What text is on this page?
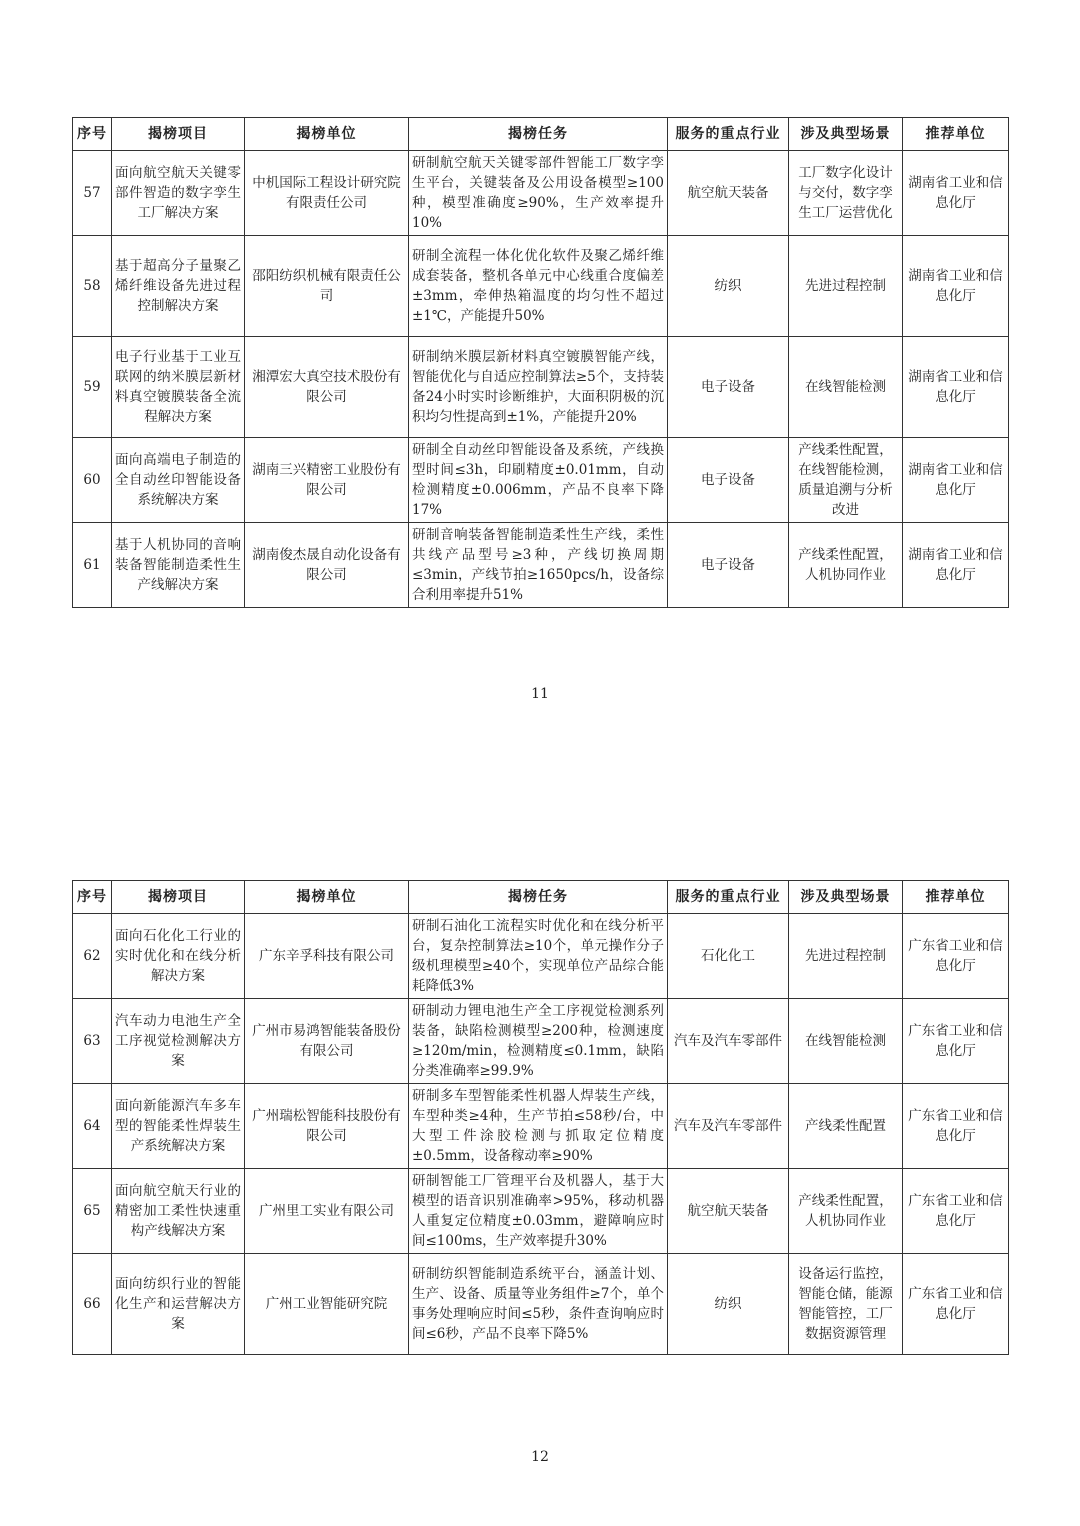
序号	揭榜项目	揭榜单位	揭榜任务	服务的重点行业	涉及典型场景	推荐单位
57	面向航空航天关键零部件智造的数字孪生工厂解决方案	中机国际工程设计研究院有限责任公司	研制航空航天关键零部件智能工厂数字孪生平台，关键装备及公用设备模型≥100种，模型准确度≥90%，生产效率提升10%	航空航天装备	工厂数字化设计与交付，数字孪生工厂运营优化	湖南省工业和信息化厅
58	基于超高分子量聚乙烯纤维设备先进过程控制解决方案	邵阳纺织机械有限责任公司	研制全流程一体化优化软件及聚乙烯纤维成套装备，整机各单元中心线重合度偏差±3mm，牵伸热箱温度的均匀性不超过±1℃，产能提升50%	纺织	先进过程控制	湖南省工业和信息化厅
59	电子行业基于工业互联网的纳米膜层新材料真空镀膜装备全流程解决方案	湘潭宏大真空技术股份有限公司	研制纳米膜层新材料真空镀膜智能产线，智能优化与自适应控制算法≥5个，支持装备24小时实时诊断维护，大面积阴极的沉积均匀性提高到±1%，产能提升20%	电子设备	在线智能检测	湖南省工业和信息化厅
60	面向高端电子制造的全自动丝印智能设备系统解决方案	湖南三兴精密工业股份有限公司	研制全自动丝印智能设备及系统，产线换型时间≤3h，印刷精度±0.01mm，自动检测精度±0.006mm，产品不良率下降17%	电子设备	产线柔性配置，在线智能检测，质量追溯与分析改进	湖南省工业和信息化厅
61	基于人机协同的音响装备智能制造柔性生产线解决方案	湖南俊杰晟自动化设备有限公司	研制音响装备智能制造柔性生产线，柔性共线产品型号≥3种，产线切换周期≤3min，产线节拍≥1650pcs/h，设备综合利用率提升51%	电子设备	产线柔性配置，人机协同作业	湖南省工业和信息化厅
11
序号	揭榜项目	揭榜单位	揭榜任务	服务的重点行业	涉及典型场景	推荐单位
62	面向石化化工行业的实时优化和在线分析解决方案	广东辛孚科技有限公司	研制石油化工流程实时优化和在线分析平台，复杂控制算法≥10个，单元操作分子级机理模型≥40个，实现单位产品综合能耗降低3%	石化化工	先进过程控制	广东省工业和信息化厅
63	汽车动力电池生产全工序视觉检测解决方案	广州市易鸿智能装备股份有限公司	研制动力锂电池生产全工序视觉检测系列装备，缺陷检测模型≥200种，检测速度≥120m/min，检测精度≤0.1mm，缺陷分类准确率≥99.9%	汽车及汽车零部件	在线智能检测	广东省工业和信息化厅
64	面向新能源汽车多车型的智能柔性焊装生产系统解决方案	广州瑞松智能科技股份有限公司	研制多车型智能柔性机器人焊装生产线，车型种类≥4种，生产节拍≤58秒/台，中大型工件涂胶检测与抓取定位精度±0.5mm，设备稼动率≥90%	汽车及汽车零部件	产线柔性配置	广东省工业和信息化厅
65	面向航空航天行业的精密加工柔性快速重构产线解决方案	广州里工实业有限公司	研制智能工厂管理平台及机器人，基于大模型的语音识别准确率>95%，移动机器人重复定位精度±0.03mm，避障响应时间≤100ms，生产效率提升30%	航空航天装备	产线柔性配置，人机协同作业	广东省工业和信息化厅
66	面向纺织行业的智能化生产和运营解决方案	广州工业智能研究院	研制纺织智能制造系统平台，涵盖计划、生产、设备、质量等业务组件≥7个，单个事务处理响应时间≤5秒，条件查询响应时间≤6秒，产品不良率下降5%	纺织	设备运行监控，智能仓储，能源智能管控，工厂数据资源管理	广东省工业和信息化厅
12
